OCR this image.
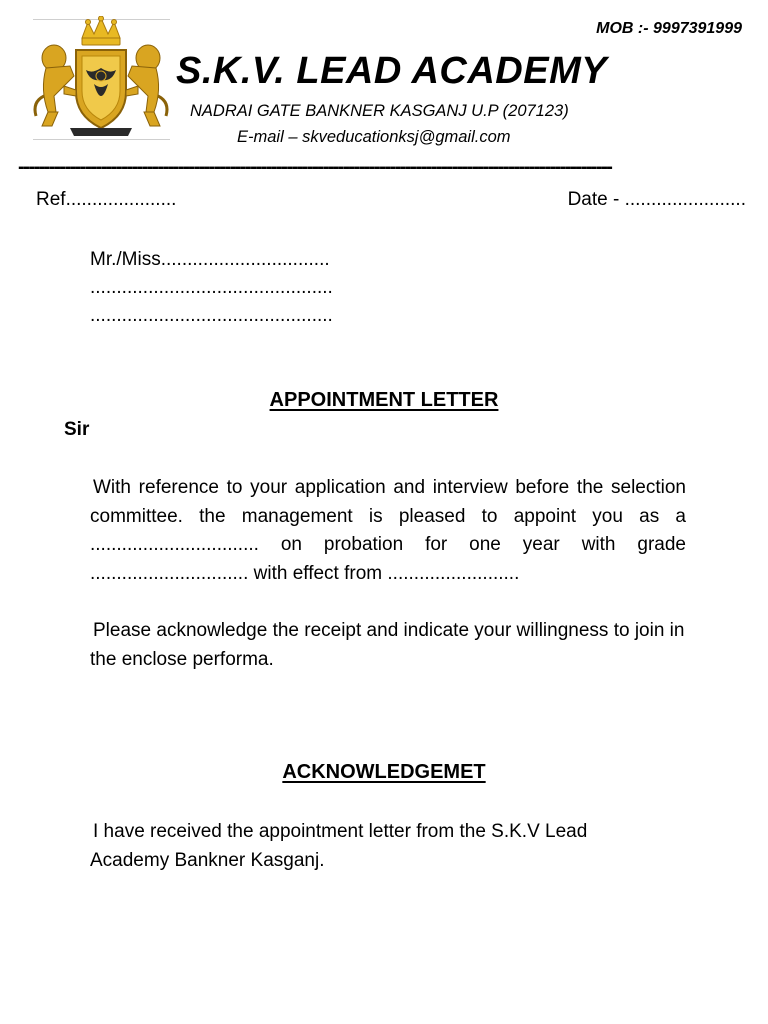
MOB :- 9997391999
S.K.V. LEAD ACADEMY
NADRAI GATE BANKNER KASGANJ U.P (207123)
E-mail – skveducationksj@gmail.com
-------------------------------------------------------------------------------------------------------------------
Ref.....................	Date - .......................
Mr./Miss................................
..............................................
..............................................
APPOINTMENT LETTER
Sir
With reference to your application and interview before the selection committee. the management is pleased to appoint you as a ................................ on probation for one year with grade .............................. with effect from .........................
Please acknowledge the receipt and indicate your willingness to join in the enclose performa.
ACKNOWLEDGEMET
I have received the appointment letter from the S.K.V Lead Academy Bankner Kasganj.
